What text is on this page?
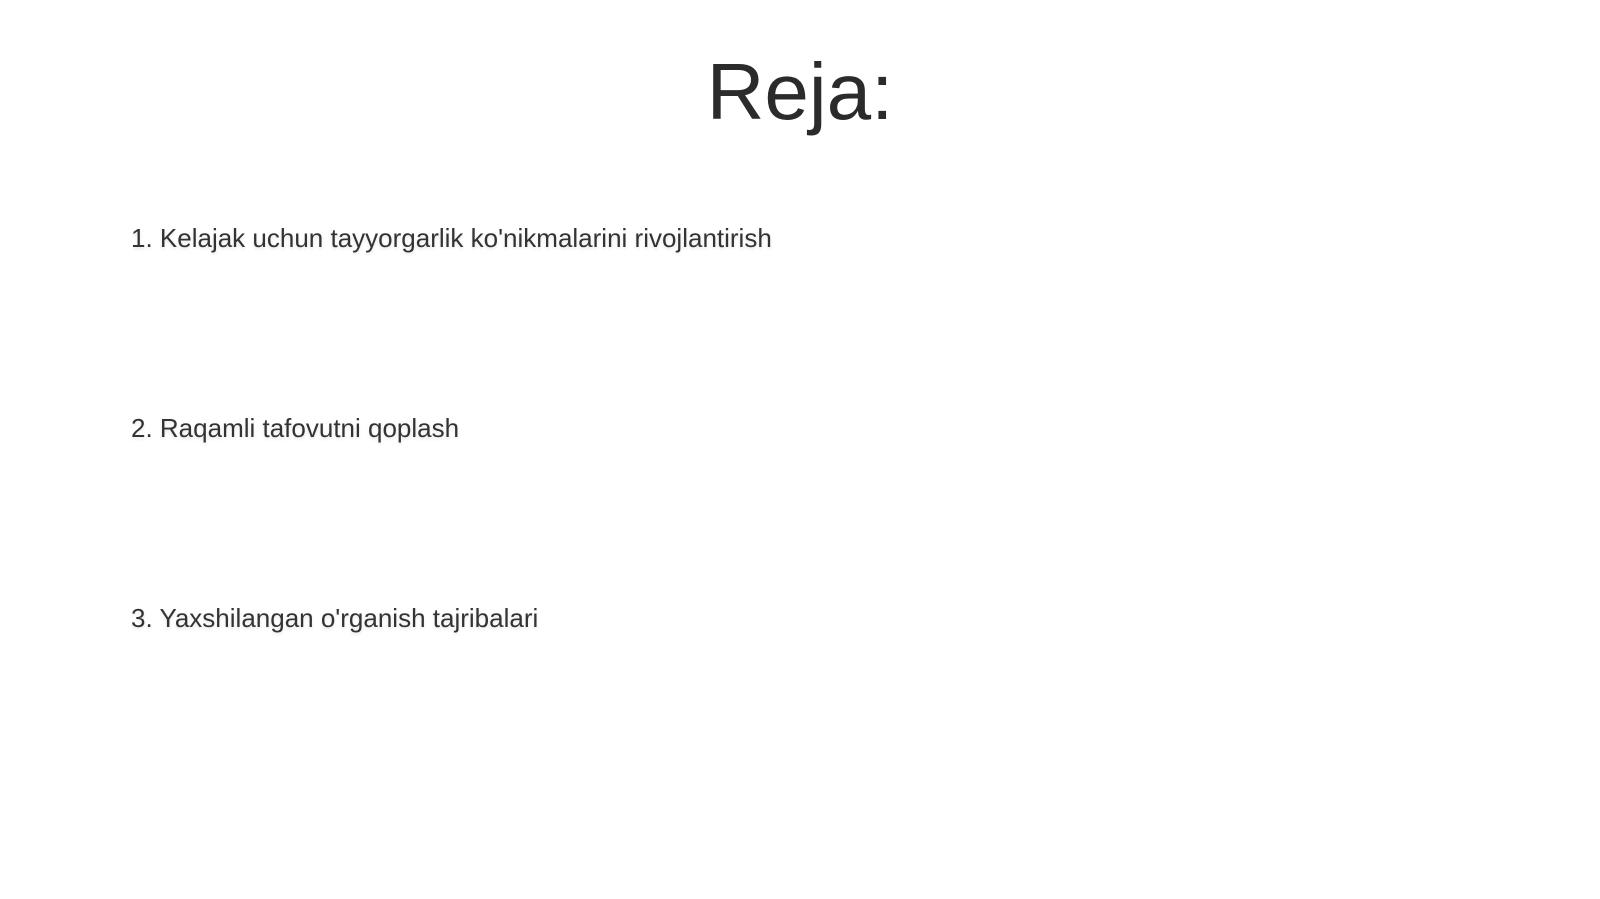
Reja:
1. Kelajak uchun tayyorgarlik ko'nikmalarini rivojlantirish
2. Raqamli tafovutni qoplash
3. Yaxshilangan o'rganish tajribalari
